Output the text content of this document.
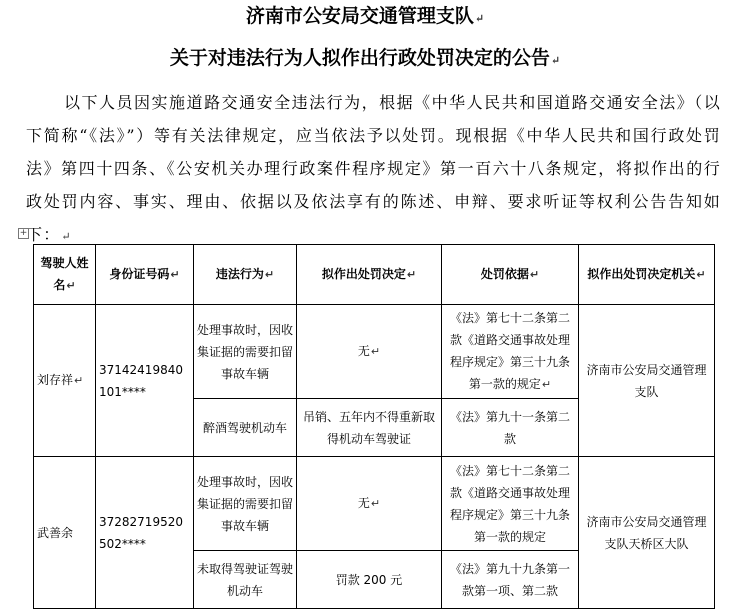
济南市公安局交通管理支队↵
关于对违法行为人拟作出行政处罚决定的公告↵

以下人员因实施道路交通安全违法行为，根据《中华人民共和国道路交通安全法》（以下简称“《法》”）等有关法律规定，应当依法予以处罚。现根据《中华人民共和国行政处罚法》第四十四条、《公安机关办理行政案件程序规定》第一百六十八条规定，将拟作出的行政处罚内容、事实、理由、依据以及依法享有的陈述、申辩、要求听证等权利公告告知如下：↵

+
驾驶人姓名↵	身份证号码↵	违法行为↵	拟作出处罚决定↵	处罚依据↵	拟作出处罚决定机关↵
刘存祥↵	37142419840101****	处理事故时，因收集证据的需要扣留事故车辆	无↵	《法》第七十二条第二款《道路交通事故处理程序规定》第三十九条第一款的规定↵	济南市公安局交通管理支队
		醉酒驾驶机动车	吊销、五年内不得重新取得机动车驾驶证	《法》第九十一条第二款	
武善余	37282719520502****	处理事故时，因收集证据的需要扣留事故车辆	无↵	《法》第七十二条第二款《道路交通事故处理程序规定》第三十九条第一款的规定	济南市公安局交通管理支队天桥区大队
		未取得驾驶证驾驶机动车	罚款 200 元	《法》第九十九条第一款第一项、第二款	
